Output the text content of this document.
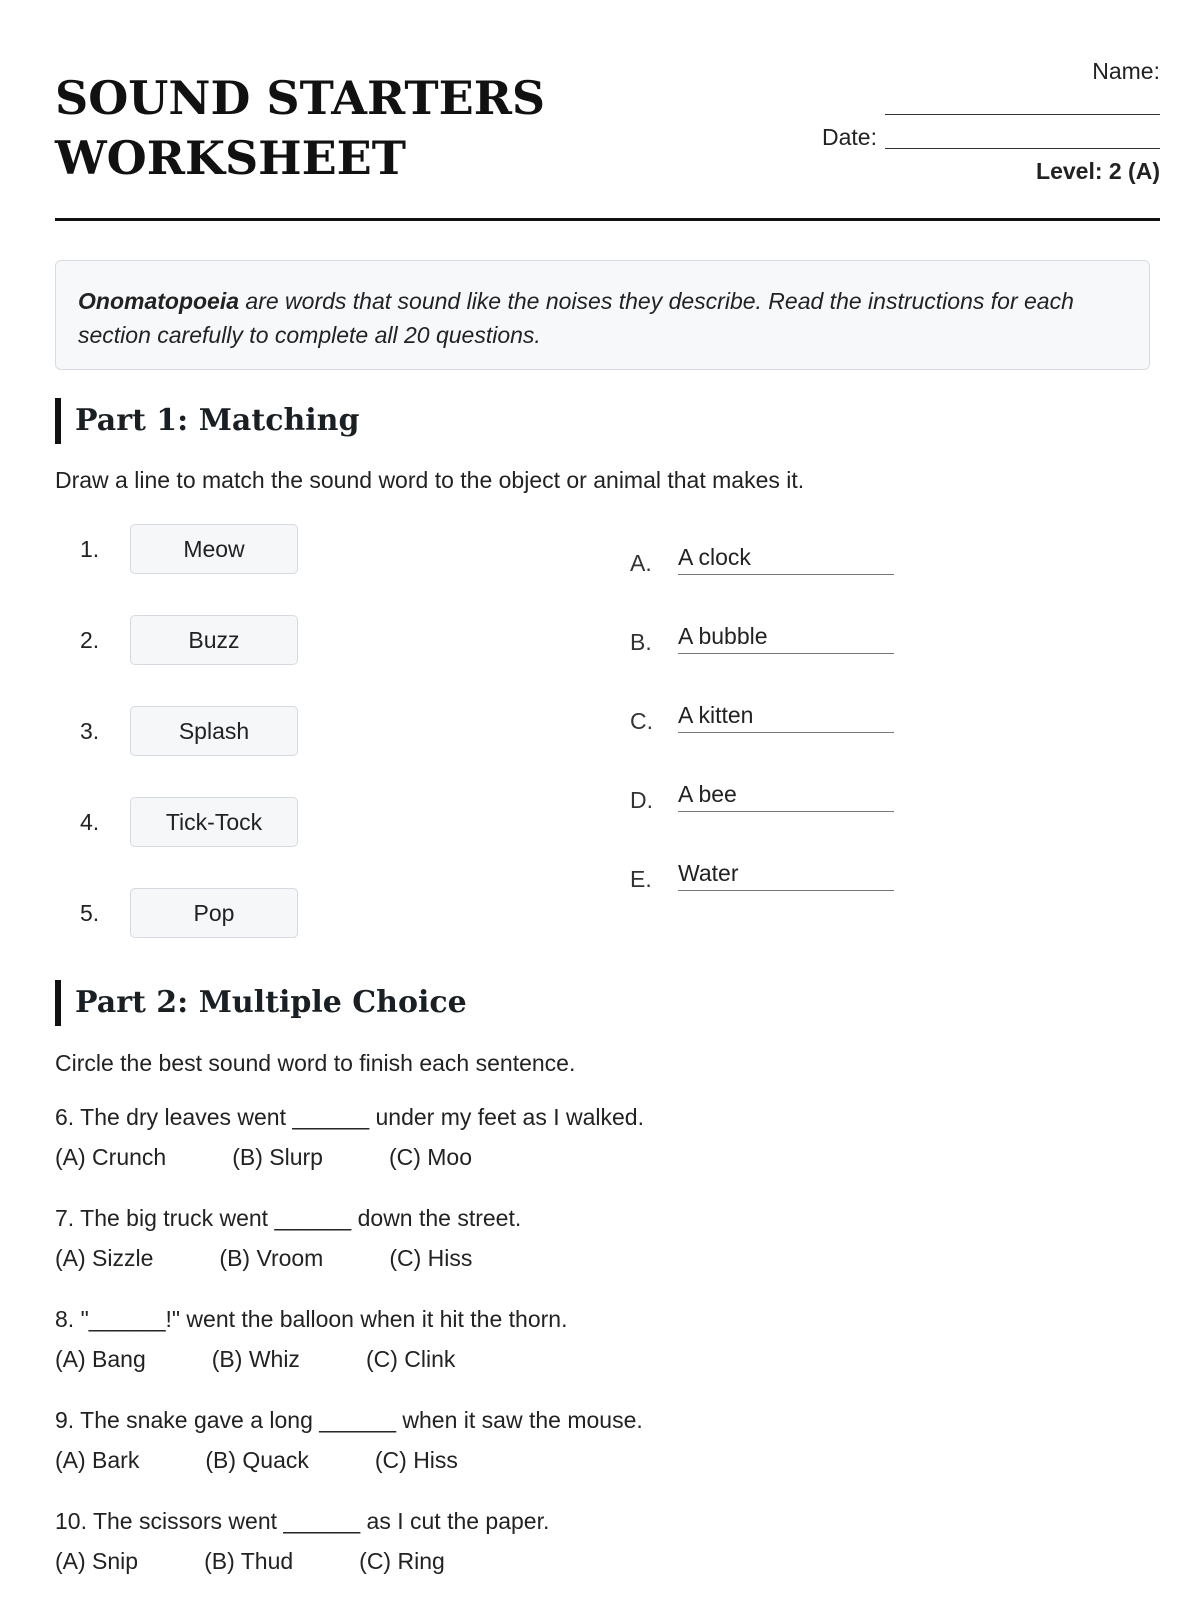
SOUND STARTERS
WORKSHEET
Name:
Date:
Level: 2 (A)
Onomatopoeia are words that sound like the noises they describe. Read the instructions for each section carefully to complete all 20 questions.
Part 1: Matching
Draw a line to match the sound word to the object or animal that makes it.
1.	Meow
2.	Buzz
3.	Splash
4.	Tick-Tock
5.	Pop
A. A clock
B. A bubble
C. A kitten
D. A bee
E. Water
Part 2: Multiple Choice
Circle the best sound word to finish each sentence.
6. The dry leaves went ______ under my feet as I walked.
(A) Crunch	(B) Slurp	(C) Moo
7. The big truck went ______ down the street.
(A) Sizzle	(B) Vroom	(C) Hiss
8. "______!" went the balloon when it hit the thorn.
(A) Bang	(B) Whiz	(C) Clink
9. The snake gave a long ______ when it saw the mouse.
(A) Bark	(B) Quack	(C) Hiss
10. The scissors went ______ as I cut the paper.
(A) Snip	(B) Thud	(C) Ring
